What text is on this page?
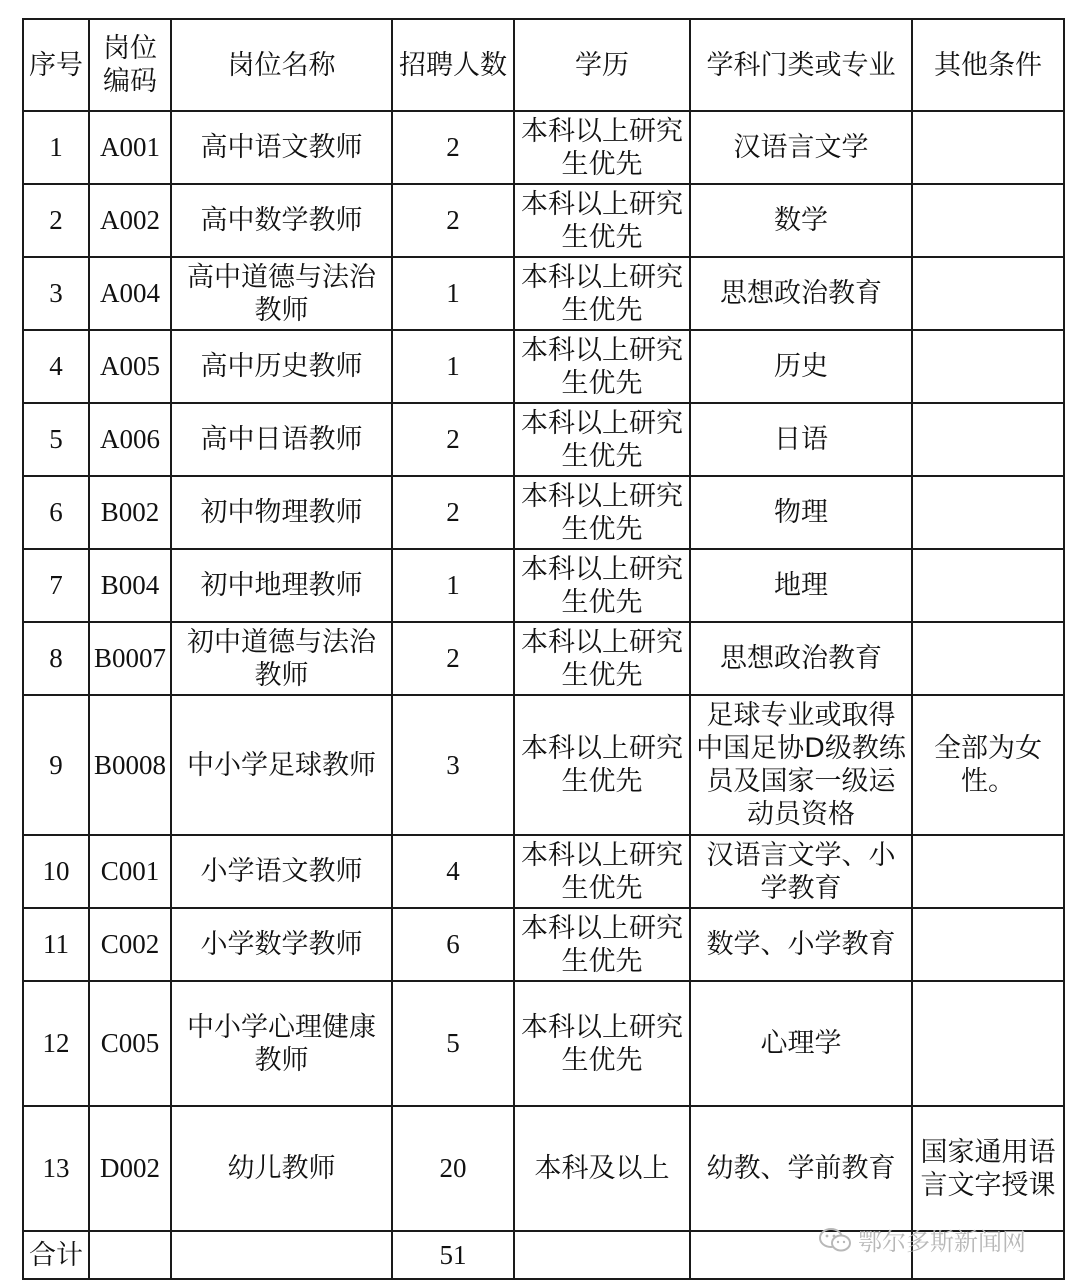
序号	岗位编码	岗位名称	招聘人数	学历	学科门类或专业	其他条件
1	A001	高中语文教师	2	本科以上研究生优先	汉语言文学	
2	A002	高中数学教师	2	本科以上研究生优先	数学	
3	A004	高中道德与法治教师	1	本科以上研究生优先	思想政治教育	
4	A005	高中历史教师	1	本科以上研究生优先	历史	
5	A006	高中日语教师	2	本科以上研究生优先	日语	
6	B002	初中物理教师	2	本科以上研究生优先	物理	
7	B004	初中地理教师	1	本科以上研究生优先	地理	
8	B0007	初中道德与法治教师	2	本科以上研究生优先	思想政治教育	
9	B0008	中小学足球教师	3	本科以上研究生优先	足球专业或取得中国足协D级教练员及国家一级运动员资格	全部为女性。
10	C001	小学语文教师	4	本科以上研究生优先	汉语言文学、小学教育	
11	C002	小学数学教师	6	本科以上研究生优先	数学、小学教育	
12	C005	中小学心理健康教师	5	本科以上研究生优先	心理学	
13	D002	幼儿教师	20	本科及以上	幼教、学前教育	国家通用语言文字授课
合计			51				鄂尔多斯新闻网
